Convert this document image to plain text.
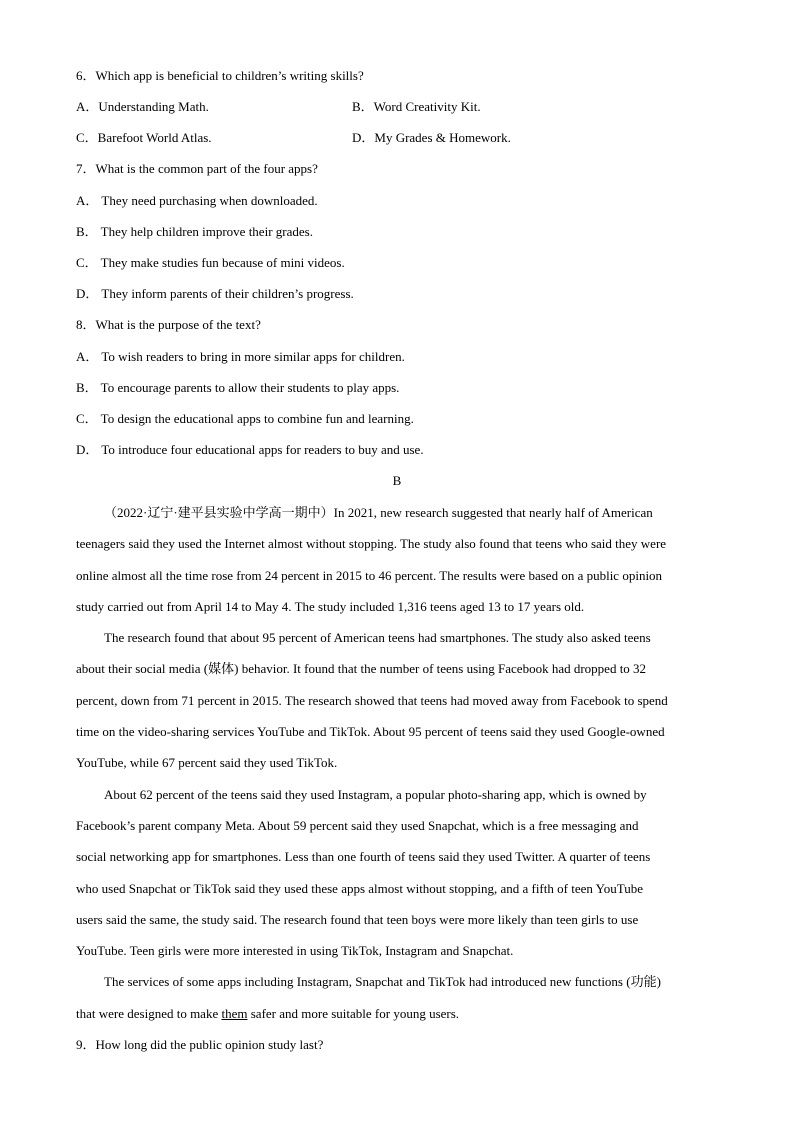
6．Which app is beneficial to children’s writing skills?
A．Understanding Math.	B．Word Creativity Kit.
C．Barefoot World Atlas.	D．My Grades & Homework.
7．What is the common part of the four apps?
A． They need purchasing when downloaded.
B． They help children improve their grades.
C． They make studies fun because of mini videos.
D． They inform parents of their children’s progress.
8．What is the purpose of the text?
A． To wish readers to bring in more similar apps for children.
B． To encourage parents to allow their students to play apps.
C． To design the educational apps to combine fun and learning.
D． To introduce four educational apps for readers to buy and use.
B

（2022·辽宁·建平县实验中学高一期中）In 2021, new research suggested that nearly half of American

teenagers said they used the Internet almost without stopping. The study also found that teens who said they were

online almost all the time rose from 24 percent in 2015 to 46 percent. The results were based on a public opinion

study carried out from April 14 to May 4. The study included 1,316 teens aged 13 to 17 years old.

The research found that about 95 percent of American teens had smartphones. The study also asked teens

about their social media (媒体) behavior. It found that the number of teens using Facebook had dropped to 32

percent, down from 71 percent in 2015. The research showed that teens had moved away from Facebook to spend

time on the video-sharing services YouTube and TikTok. About 95 percent of teens said they used Google-owned

YouTube, while 67 percent said they used TikTok.

About 62 percent of the teens said they used Instagram, a popular photo-sharing app, which is owned by

Facebook’s parent company Meta. About 59 percent said they used Snapchat, which is a free messaging and

social networking app for smartphones. Less than one fourth of teens said they used Twitter. A quarter of teens

who used Snapchat or TikTok said they used these apps almost without stopping, and a fifth of teen YouTube

users said the same, the study said. The research found that teen boys were more likely than teen girls to use

YouTube. Teen girls were more interested in using TikTok, Instagram and Snapchat.

The services of some apps including Instagram, Snapchat and TikTok had introduced new functions (功能)

that were designed to make them safer and more suitable for young users.

9．How long did the public opinion study last?
